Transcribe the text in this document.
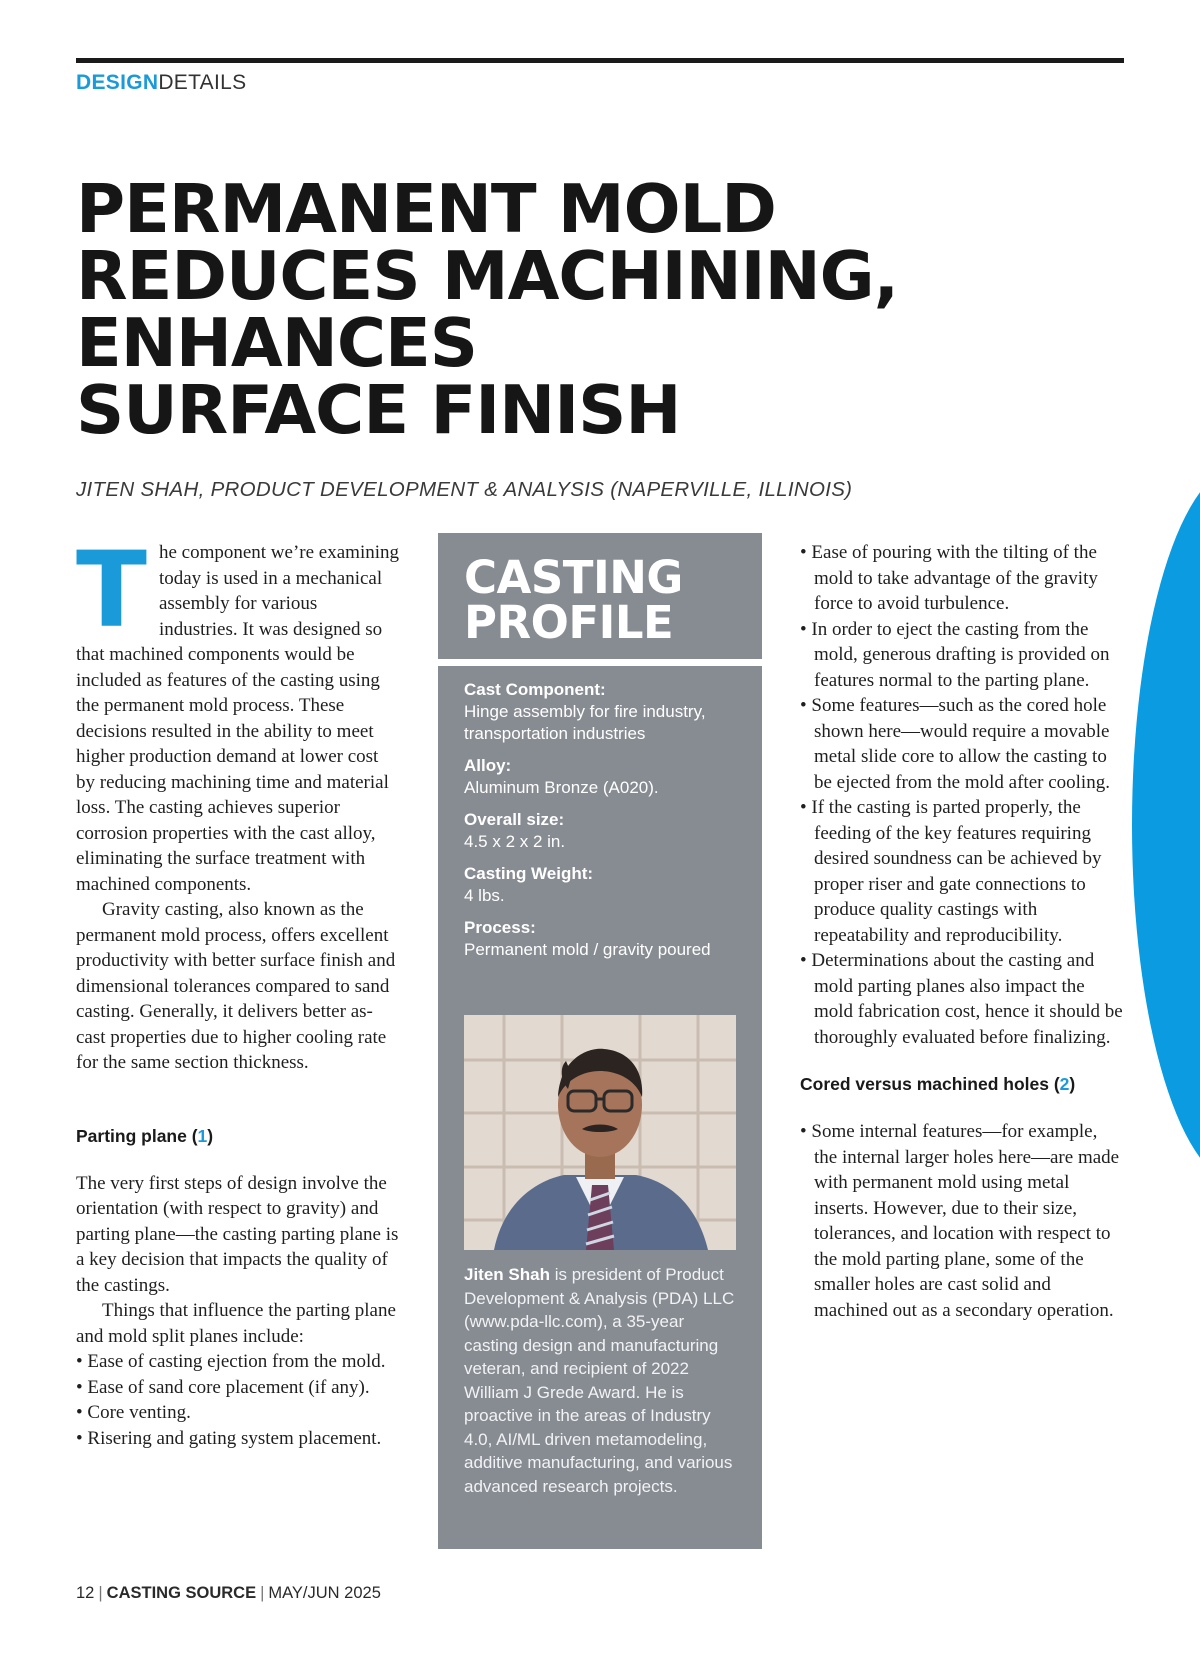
DESIGNDETAILS
PERMANENT MOLD
REDUCES MACHINING,
ENHANCES
SURFACE FINISH
JITEN SHAH, PRODUCT DEVELOPMENT & ANALYSIS (NAPERVILLE, ILLINOIS)

The component we’re examining today is used in a mechanical assembly for various industries. It was designed so that machined components would be included as features of the casting using the permanent mold process. These decisions resulted in the ability to meet higher production demand at lower cost by reducing machining time and material loss. The casting achieves superior corrosion properties with the cast alloy, eliminating the surface treatment with machined components.

Gravity casting, also known as the permanent mold process, offers excellent productivity with better surface finish and dimensional tolerances compared to sand casting. Generally, it delivers better as-cast properties due to higher cooling rate for the same section thickness.

Parting plane (1)

The very first steps of design involve the orientation (with respect to gravity) and parting plane—the casting parting plane is a key decision that impacts the quality of the castings.

Things that influence the parting plane and mold split planes include:

• Ease of casting ejection from the mold.
• Ease of sand core placement (if any).
• Core venting.
• Risering and gating system placement.
CASTING
PROFILE
Cast Component:
Hinge assembly for fire industry, transportation industries
Alloy:
Aluminum Bronze (A020).
Overall size:
4.5 x 2 x 2 in.
Casting Weight:
4 lbs.
Process:
Permanent mold / gravity poured
Jiten Shah is president of Product Development & Analysis (PDA) LLC (www.pda-llc.com), a 35-year casting design and manufacturing veteran, and recipient of 2022 William J Grede Award. He is proactive in the areas of Industry 4.0, AI/ML driven metamodeling, additive manufacturing, and various advanced research projects.
• Ease of pouring with the tilting of the mold to take advantage of the gravity force to avoid turbulence.
• In order to eject the casting from the mold, generous drafting is provided on features normal to the parting plane.
• Some features—such as the cored hole shown here—would require a movable metal slide core to allow the casting to be ejected from the mold after cooling.
• If the casting is parted properly, the feeding of the key features requiring desired soundness can be achieved by proper riser and gate connections to produce quality castings with repeatability and reproducibility.
• Determinations about the casting and mold parting planes also impact the mold fabrication cost, hence it should be thoroughly evaluated before finalizing.
Cored versus machined holes (2)
• Some internal features—for example, the internal larger holes here—are made with permanent mold using metal inserts. However, due to their size, tolerances, and location with respect to the mold parting plane, some of the smaller holes are cast solid and machined out as a secondary operation.
12 | CASTING SOURCE | MAY/JUN 2025
